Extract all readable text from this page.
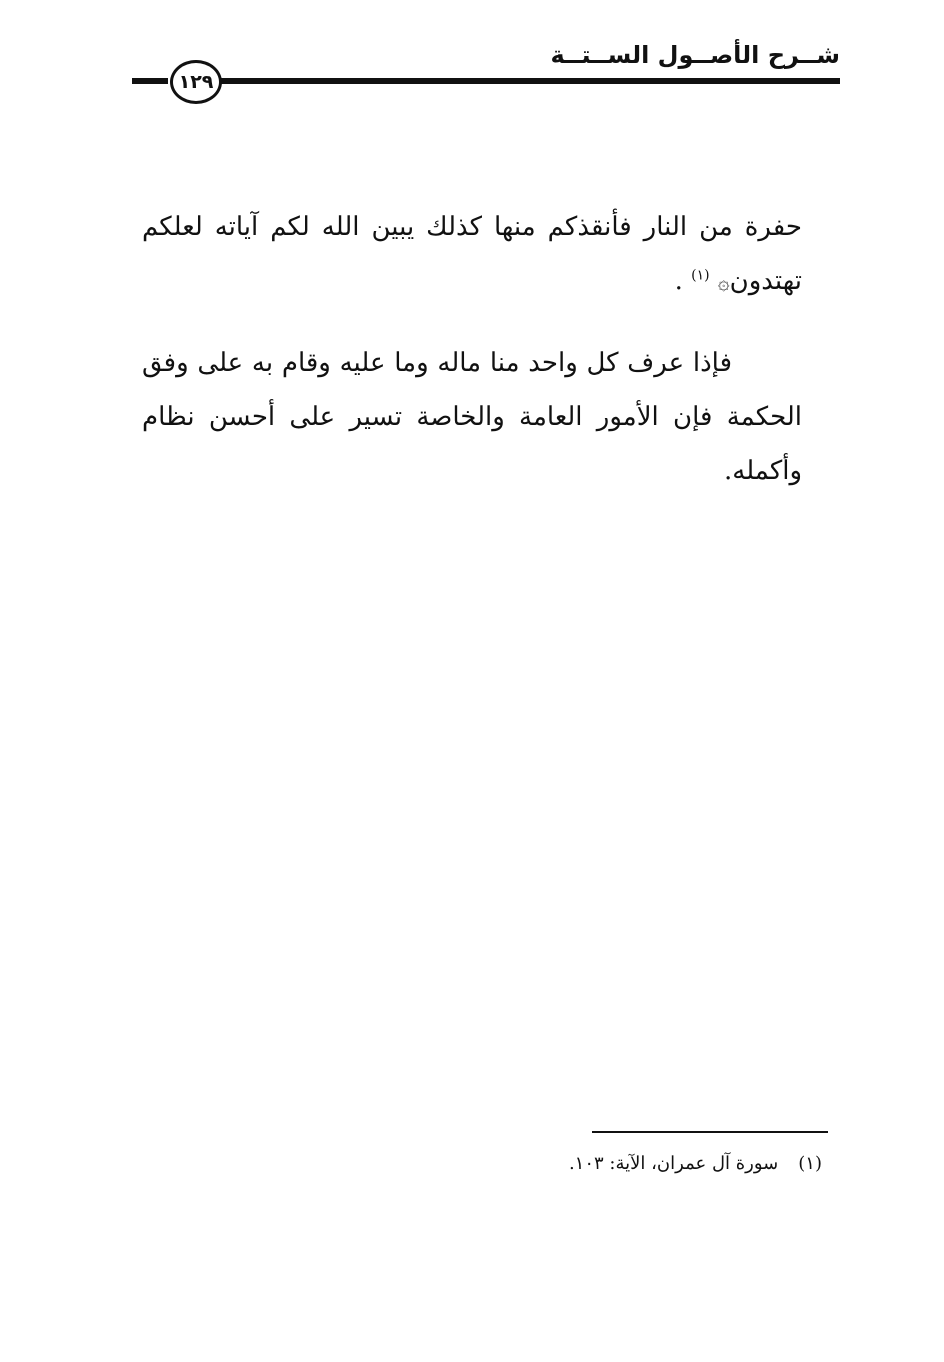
شــرح الأصــول الســتــة
١٢٩
حفرة من النار فأنقذكم منها كذلك يبين الله لكم آياته لعلكم تهتدون۞ $^{(١)}$ .
فإذا عرف كل واحد منا ماله وما عليه وقام به على وفق الحكمة فإن الأمور العامة والخاصة تسير على أحسن نظام وأكمله.
(١)سورة آل عمران، الآية: ١٠٣.
